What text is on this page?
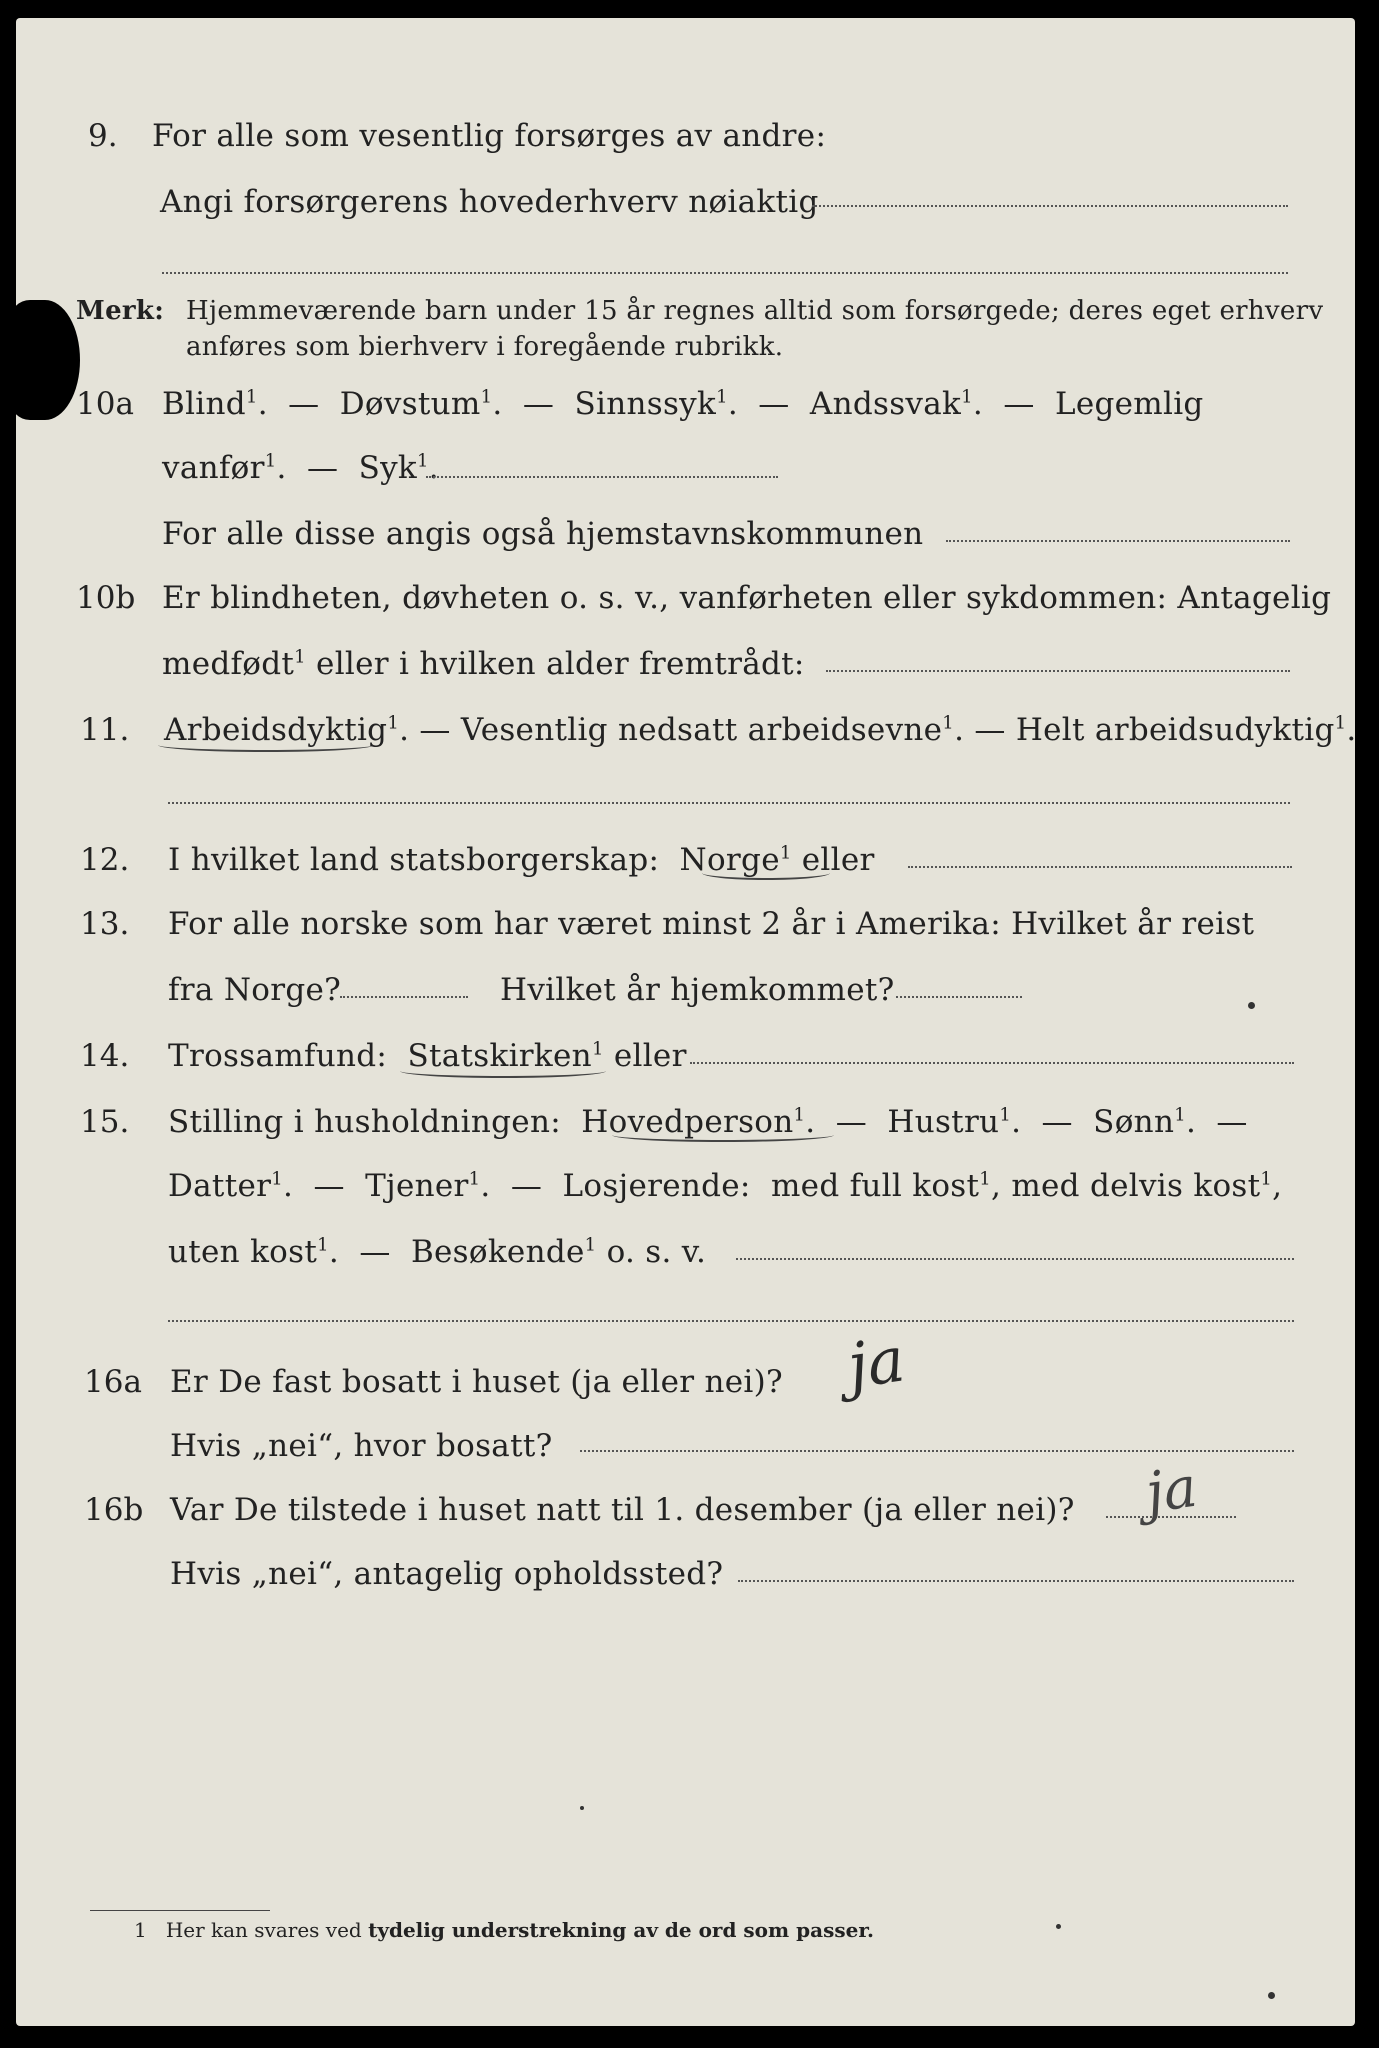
9. For alle som vesentlig forsørges av andre:
Angi forsørgerens hovederhverv nøiaktig
Merk: Hjemmeværende barn under 15 år regnes alltid som forsørgede; deres eget erhverv
anføres som bierhverv i foregående rubrikk.
10a Blind$^1$.  —  Døvstum$^1$.  —  Sinnssyk$^1$.  —  Andssvak$^1$.  —  Legemlig
vanfør$^1$.  —  Syk$^1$.
For alle disse angis også hjemstavnskommunen
10b Er blindheten, døvheten o. s. v., vanførheten eller sykdommen: Antagelig
medfødt$^1$ eller i hvilken alder fremtrådt:
11. Arbeidsdyktig$^1$. — Vesentlig nedsatt arbeidsevne$^1$. — Helt arbeidsudyktig$^1$.
12. I hvilket land statsborgerskap: Norge$^1$ eller
13. For alle norske som har været minst 2 år i Amerika: Hvilket år reist
fra Norge?	Hvilket år hjemkommet?
14. Trossamfund: Statskirken$^1$ eller
15. Stilling i husholdningen: Hovedperson$^1$.  —  Hustru$^1$.  —  Sønn$^1$.  —
Datter$^1$.  —  Tjener$^1$.  —  Losjerende: med full kost$^1$, med delvis kost$^1$,
uten kost$^1$.  —  Besøkende$^1$ o. s. v.
16a Er De fast bosatt i huset (ja eller nei)? ja
Hvis „nei“, hvor bosatt?
16b Var De tilstede i huset natt til 1. desember (ja eller nei)? ja
Hvis „nei“, antagelig opholdssted?
1 Her kan svares ved tydelig understrekning av de ord som passer.
